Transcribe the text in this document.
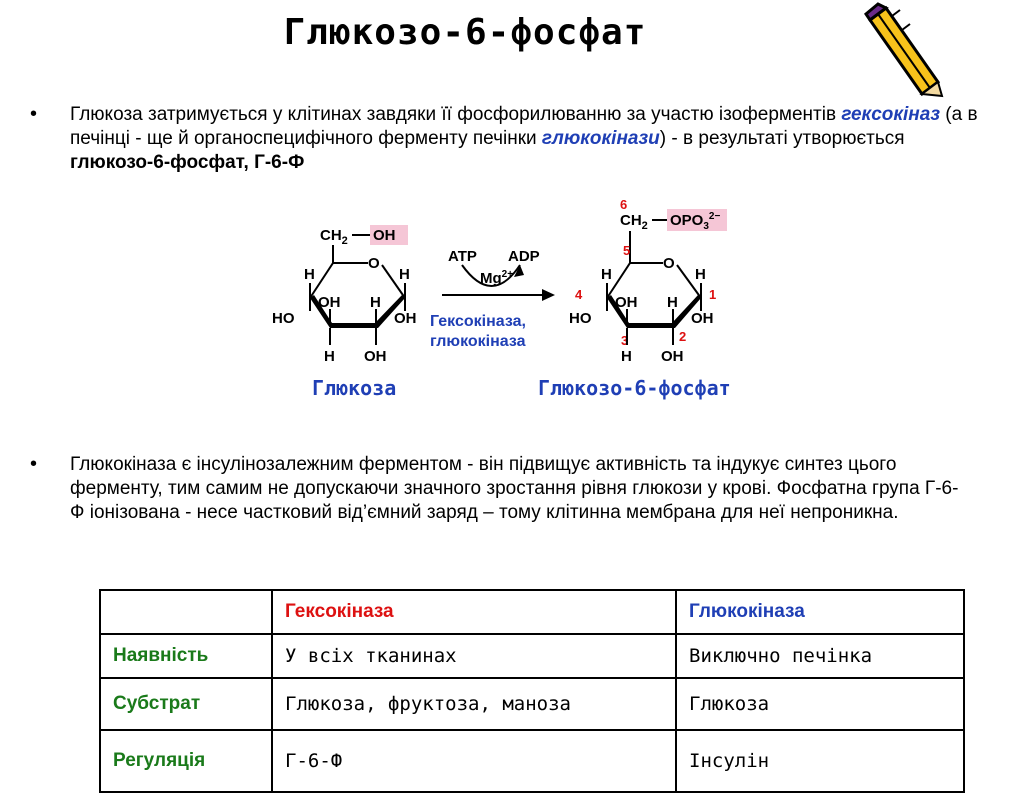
Глюкозо-6-фосфат
• Глюкоза затримується у клітинах завдяки її фосфорилюванню за участю ізоферментів гексокіназ (а в печінці - ще й органоспецифічного ферменту печінки глюкокінази) - в результаті утворюється глюкозо-6-фосфат, Г-6-Ф
$CH_2$ OH
O
H
HO
OH
H
H
OH
H
OH
ATP ADP
$Mg^{2+}$
6
$CH_2$ $OPO_3^{2-}$
5
O
4	1
2
3
H
HO
OH
H
H
OH
H
OH
Гексокіназа,
глюкокіназа
Глюкоза	Глюкозо-6-фосфат
• Глюкокіназа є інсулінозалежним ферментом - він підвищує активність та індукує синтез цього ферменту, тим самим не допускаючи значного зростання рівня глюкози у крові. Фосфатна група Г-6-Ф іонізована - несе частковий від’ємний заряд – тому клітинна мембрана для неї непроникна.
	Гексокіназа	Глюкокіназа
Наявність	У всіх тканинах	Виключно печінка
Субстрат	Глюкоза, фруктоза, маноза	Глюкоза
Регуляція	Г-6-Ф	Інсулін
